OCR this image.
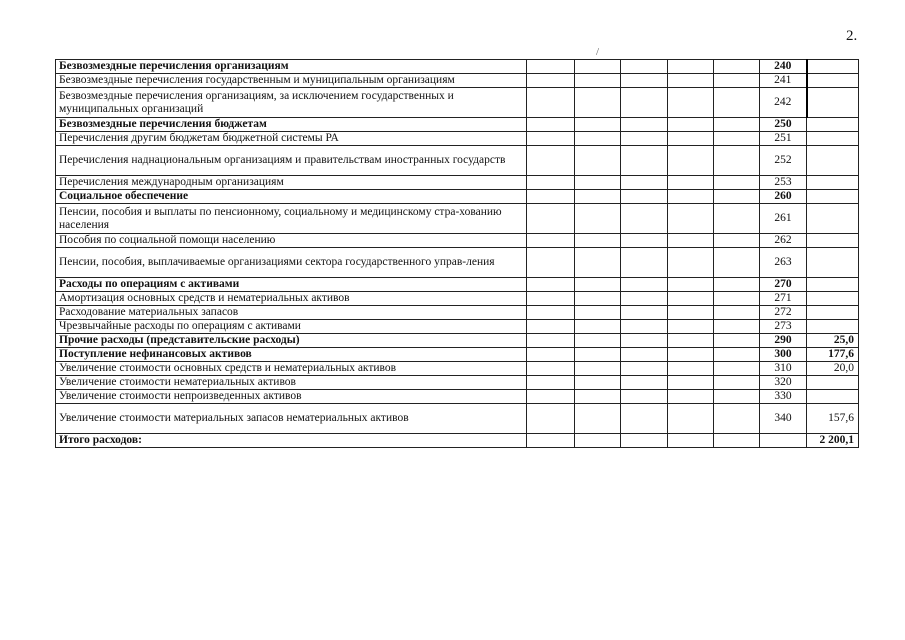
2.
/
Безвозмездные перечисления организациям						240	
Безвозмездные перечисления государственным и муниципальным организациям						241	
Безвозмездные перечисления организациям, за исключением государственных и муниципальных организаций						242	
Безвозмездные перечисления бюджетам						250	
Перечисления другим бюджетам бюджетной системы РА						251	
Перечисления наднациональным организациям и правительствам иностранных государств						252	
Перечисления международным организациям						253	
Социальное обеспечение						260	
Пенсии, пособия и выплаты по пенсионному, социальному и медицинскому стра-хованию населения						261	
Пособия по социальной помощи населению						262	
Пенсии, пособия, выплачиваемые организациями сектора государственного управ-ления						263	
Расходы по операциям с активами						270	
Амортизация основных средств и нематериальных активов						271	
Расходование материальных запасов						272	
Чрезвычайные расходы по операциям с активами						273	
Прочие расходы (представительские расходы)						290	25,0
Поступление нефинансовых активов						300	177,6
Увеличение стоимости основных средств и нематериальных активов						310	20,0
Увеличение стоимости нематериальных активов						320	
Увеличение стоимости непроизведенных активов						330	
Увеличение стоимости материальных запасов нематериальных активов						340	157,6
Итого расходов:							2 200,1
